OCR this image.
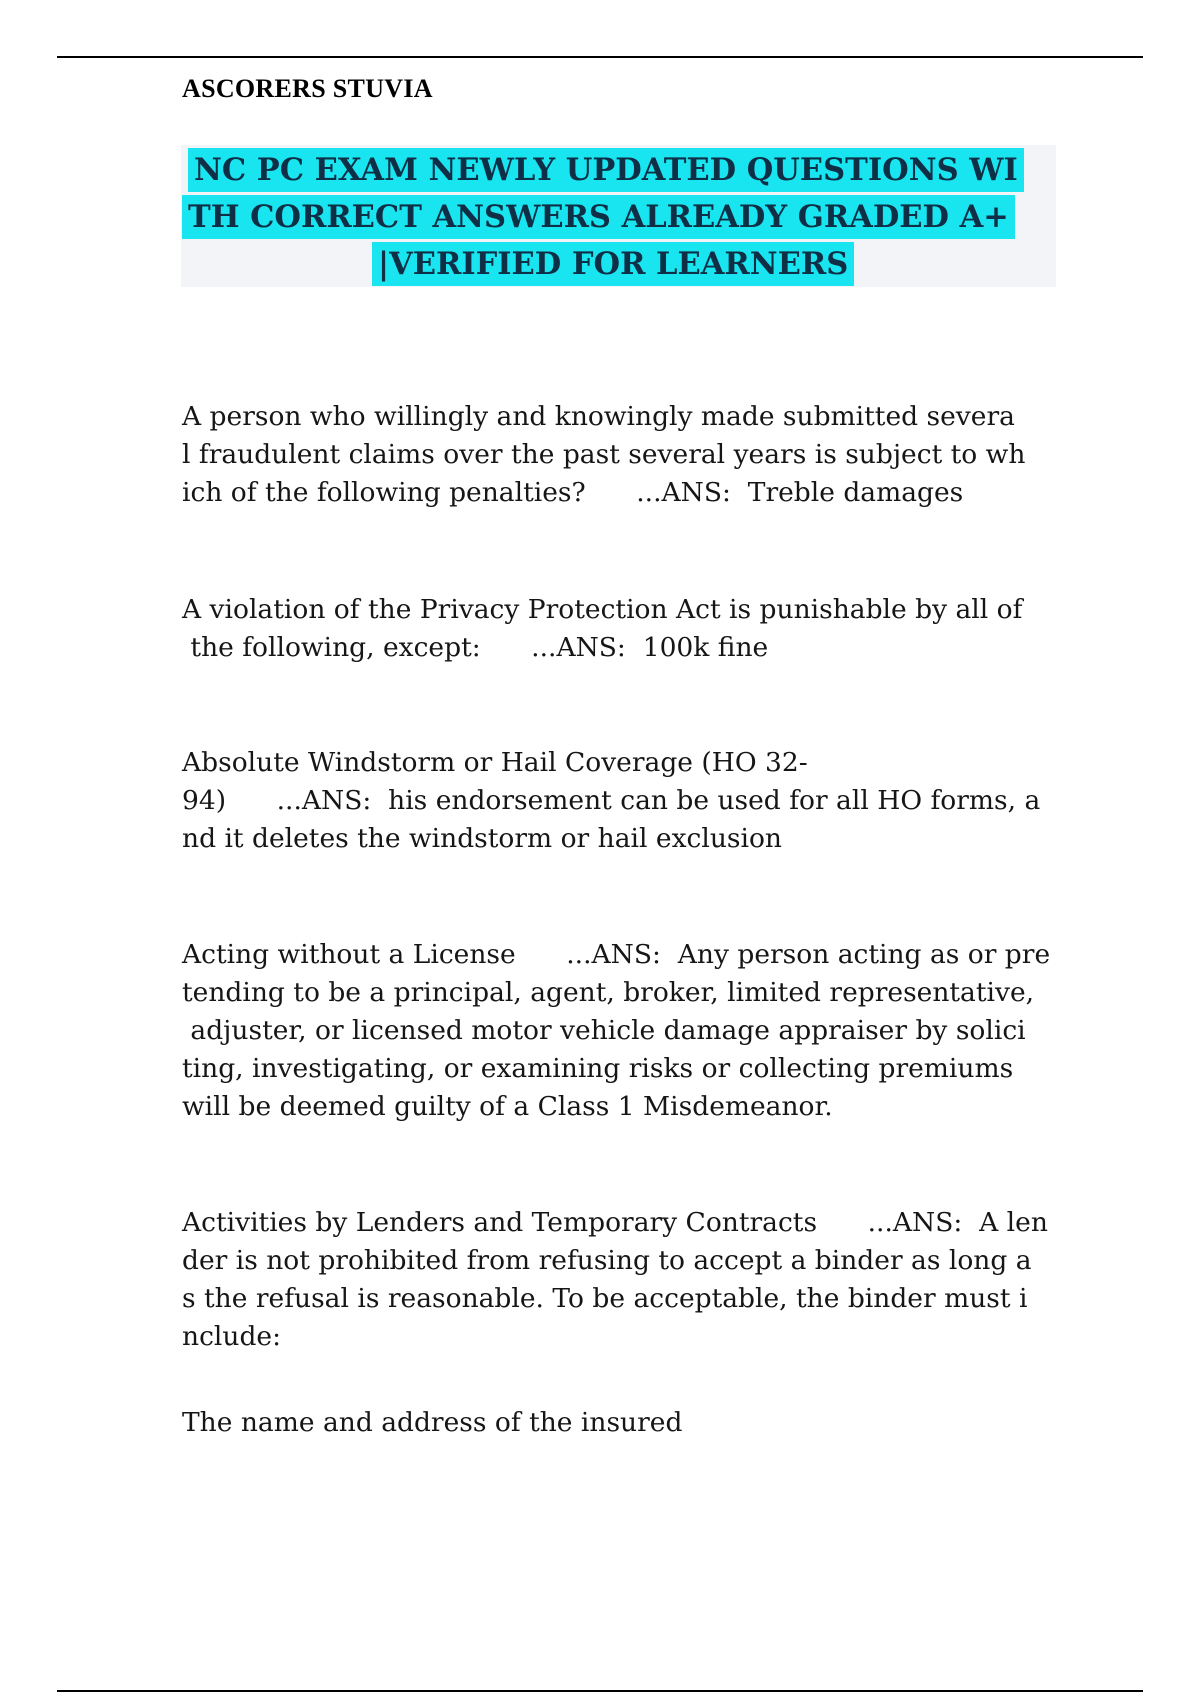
ASCORERS STUVIA
NC PC EXAM NEWLY UPDATED QUESTIONS WI
TH CORRECT ANSWERS ALREADY GRADED A+
|VERIFIED FOR LEARNERS

A person who willingly and knowingly made submitted severa
l fraudulent claims over the past several years is subject to wh
ich of the following penalties?      ...ANS:  Treble damages

A violation of the Privacy Protection Act is punishable by all of
the following, except:      ...ANS:  100k fine

Absolute Windstorm or Hail Coverage (HO 32-
94)      ...ANS:  his endorsement can be used for all HO forms, a
nd it deletes the windstorm or hail exclusion

Acting without a License      ...ANS:  Any person acting as or pre
tending to be a principal, agent, broker, limited representative,
adjuster, or licensed motor vehicle damage appraiser by solici
ting, investigating, or examining risks or collecting premiums
will be deemed guilty of a Class 1 Misdemeanor.

Activities by Lenders and Temporary Contracts      ...ANS:  A len
der is not prohibited from refusing to accept a binder as long a
s the refusal is reasonable. To be acceptable, the binder must i
nclude:

The name and address of the insured
